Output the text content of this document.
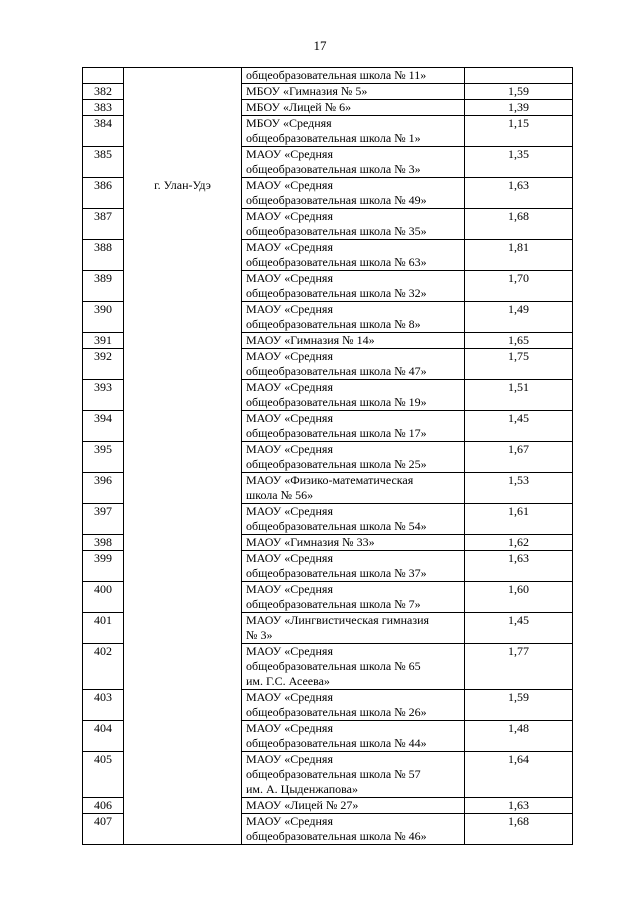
17

		общеобразовательная школа № 11»	

382		МБОУ «Гимназия № 5»	1,59
383		МБОУ «Лицей № 6»	1,39
384		МБОУ «Средняя
общеобразовательная школа № 1»	1,15
385		МАОУ «Средняя
общеобразовательная школа № 3»	1,35
386	г. Улан-Удэ	МАОУ «Средняя
общеобразовательная школа № 49»	1,63
387		МАОУ «Средняя
общеобразовательная школа № 35»	1,68
388		МАОУ «Средняя
общеобразовательная школа № 63»	1,81
389		МАОУ «Средняя
общеобразовательная школа № 32»	1,70
390		МАОУ «Средняя
общеобразовательная школа № 8»	1,49
391		МАОУ «Гимназия № 14»	1,65
392		МАОУ «Средняя
общеобразовательная школа № 47»	1,75
393		МАОУ «Средняя
общеобразовательная школа № 19»	1,51
394		МАОУ «Средняя
общеобразовательная школа № 17»	1,45
395		МАОУ «Средняя
общеобразовательная школа № 25»	1,67
396		МАОУ «Физико-математическая
школа № 56»	1,53
397		МАОУ «Средняя
общеобразовательная школа № 54»	1,61
398		МАОУ «Гимназия № 33»	1,62
399		МАОУ «Средняя
общеобразовательная школа № 37»	1,63
400		МАОУ «Средняя
общеобразовательная школа № 7»	1,60
401		МАОУ «Лингвистическая гимназия
№ 3»	1,45
402		МАОУ «Средняя
общеобразовательная школа № 65
им. Г.С. Асеева»	1,77
403		МАОУ «Средняя
общеобразовательная школа № 26»	1,59
404		МАОУ «Средняя
общеобразовательная школа № 44»	1,48
405		МАОУ «Средняя
общеобразовательная школа № 57
им. А. Цыденжапова»	1,64
406		МАОУ «Лицей № 27»	1,63
407		МАОУ «Средняя
общеобразовательная школа № 46»	1,68
